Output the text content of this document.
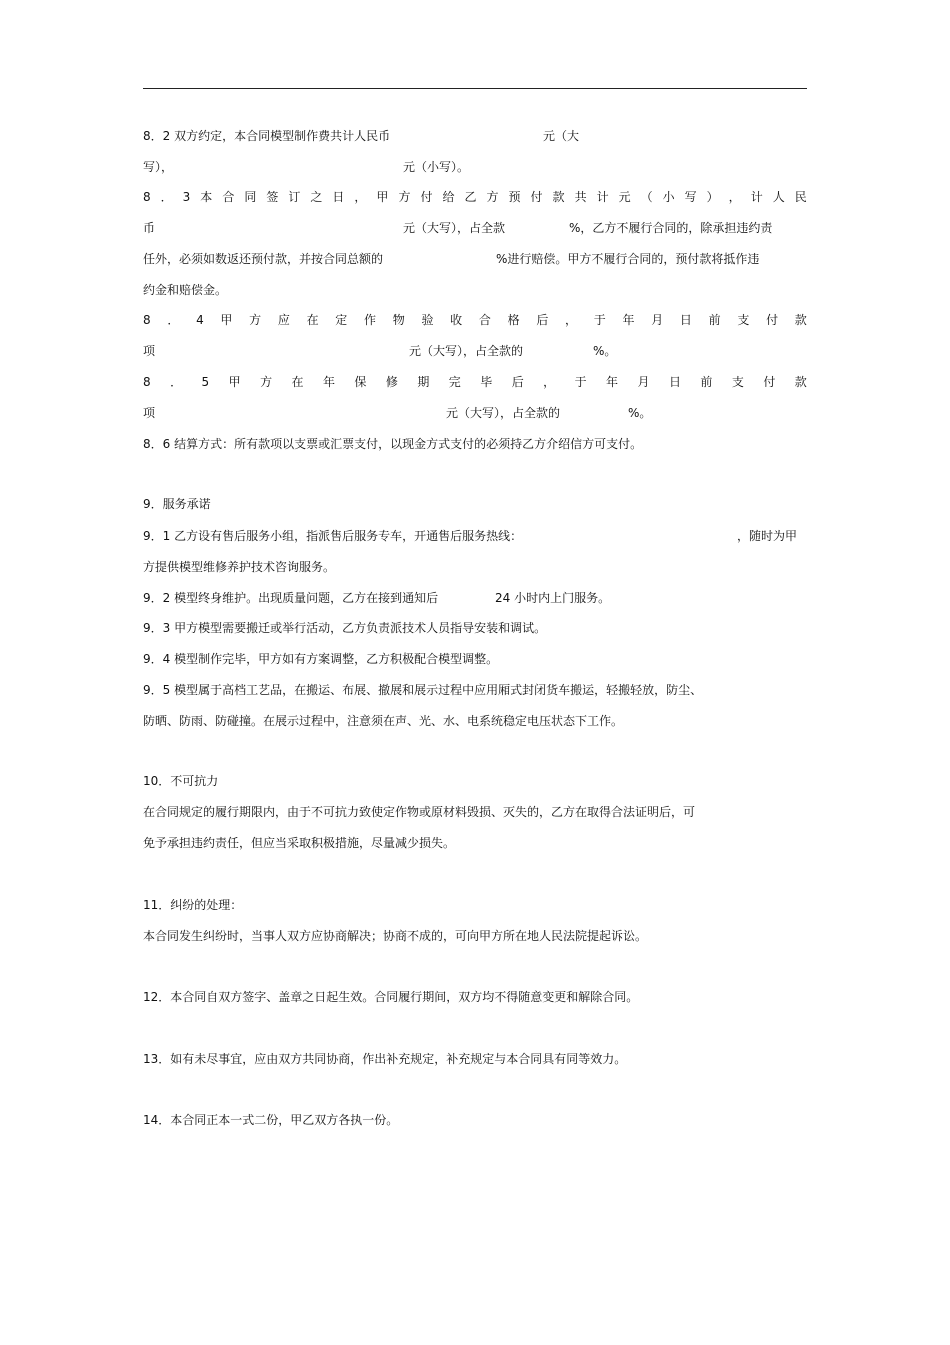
8．2 双方约定，本合同模型制作费共计人民币	元（大
写），	元（小写）。
8 ． 3 本 合 同 签 订 之 日 ， 甲 方 付 给 乙 方 预 付 款 共 计 元 （ 小 写 ） ， 计 人 民
币	元（大写），占全款	%，乙方不履行合同的，除承担违约责
任外，必须如数返还预付款，并按合同总额的	%进行赔偿。甲方不履行合同的，预付款将抵作违
约金和赔偿金。
8 ． 4 甲 方 应 在 定 作 物 验 收 合 格 后 ， 于 年 月 日 前 支 付 款
项	元（大写），占全款的	%。
8 ． 5 甲 方 在 年 保 修 期 完 毕 后 ， 于 年 月 日 前 支 付 款
项	元（大写），占全款的	%。
8．6 结算方式：所有款项以支票或汇票支付，以现金方式支付的必须持乙方介绍信方可支付。
9．服务承诺
9．1 乙方设有售后服务小组，指派售后服务专车，开通售后服务热线：	，随时为甲
方提供模型维修养护技术咨询服务。
9．2 模型终身维护。出现质量问题，乙方在接到通知后	24 小时内上门服务。
9．3 甲方模型需要搬迁或举行活动，乙方负责派技术人员指导安装和调试。
9．4 模型制作完毕，甲方如有方案调整，乙方积极配合模型调整。
9．5 模型属于高档工艺品，在搬运、布展、撤展和展示过程中应用厢式封闭货车搬运，轻搬轻放，防尘、
防晒、防雨、防碰撞。在展示过程中，注意须在声、光、水、电系统稳定电压状态下工作。
10．不可抗力
在合同规定的履行期限内，由于不可抗力致使定作物或原材料毁损、灭失的，乙方在取得合法证明后，可
免予承担违约责任，但应当采取积极措施，尽量减少损失。
11．纠纷的处理：
本合同发生纠纷时，当事人双方应协商解决；协商不成的，可向甲方所在地人民法院提起诉讼。
12．本合同自双方签字、盖章之日起生效。合同履行期间，双方均不得随意变更和解除合同。
13．如有未尽事宜，应由双方共同协商，作出补充规定，补充规定与本合同具有同等效力。
14．本合同正本一式二份，甲乙双方各执一份。
